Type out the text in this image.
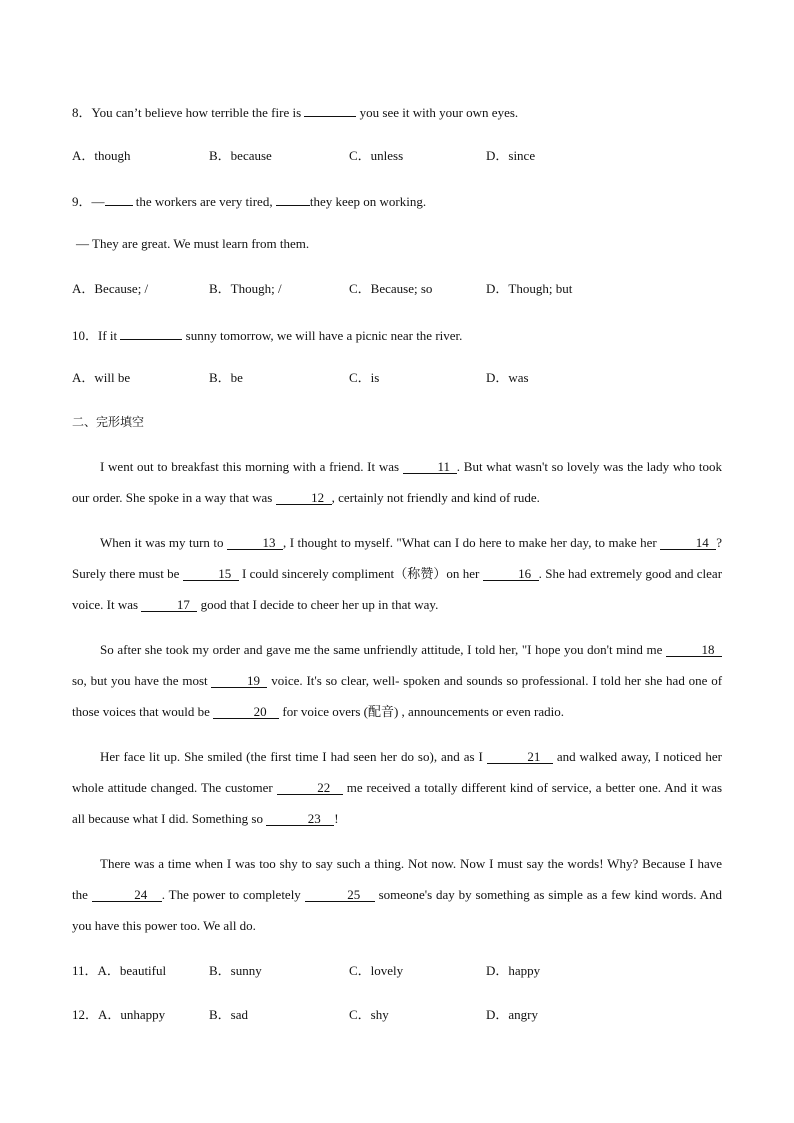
8．You can’t believe how terrible the fire is	you see it with your own eyes.
A．though	B．because	C．unless	D．since
9．— the workers are very tired,	they keep on working.
— They are great. We must learn from them.
A．Because; /	B．Though; /	C．Because; so	D．Though; but
10．If it	sunny tomorrow, we will have a picnic near the river.
A．will be	B．be	C．is	D．was
二、完形填空
I went out to breakfast this morning with a friend. It was	11 . But what wasn't so lovely was the lady who took our order. She spoke in a way that was	12 , certainly not friendly and kind of rude.
When it was my turn to	13 , I thought to myself. "What can I do here to make her day, to make her	14 ? Surely there must be	15 I could sincerely compliment（称赞）on her	16 . She had extremely good and clear voice. It was	17 good that I decide to cheer her up in that way.
So after she took my order and gave me the same unfriendly attitude, I told her, "I hope you don't mind me	18 so, but you have the most	19 voice. It's so clear, well- spoken and sounds so professional. I told her she had one of those voices that would be	20 for voice overs (配音) , announcements or even radio.
Her face lit up. She smiled (the first time I had seen her do so), and as I	21 and walked away, I noticed her whole attitude changed. The customer	22 me received a totally different kind of service, a better one. And it was all because what I did. Something so	23 !
There was a time when I was too shy to say such a thing. Not now. Now I must say the words! Why? Because I have the	24 . The power to completely	25 someone's day by something as simple as a few kind words. And you have this power too. We all do.
11．A．beautiful	B．sunny	C．lovely	D．happy
12．A．unhappy	B．sad	C．shy	D．angry
